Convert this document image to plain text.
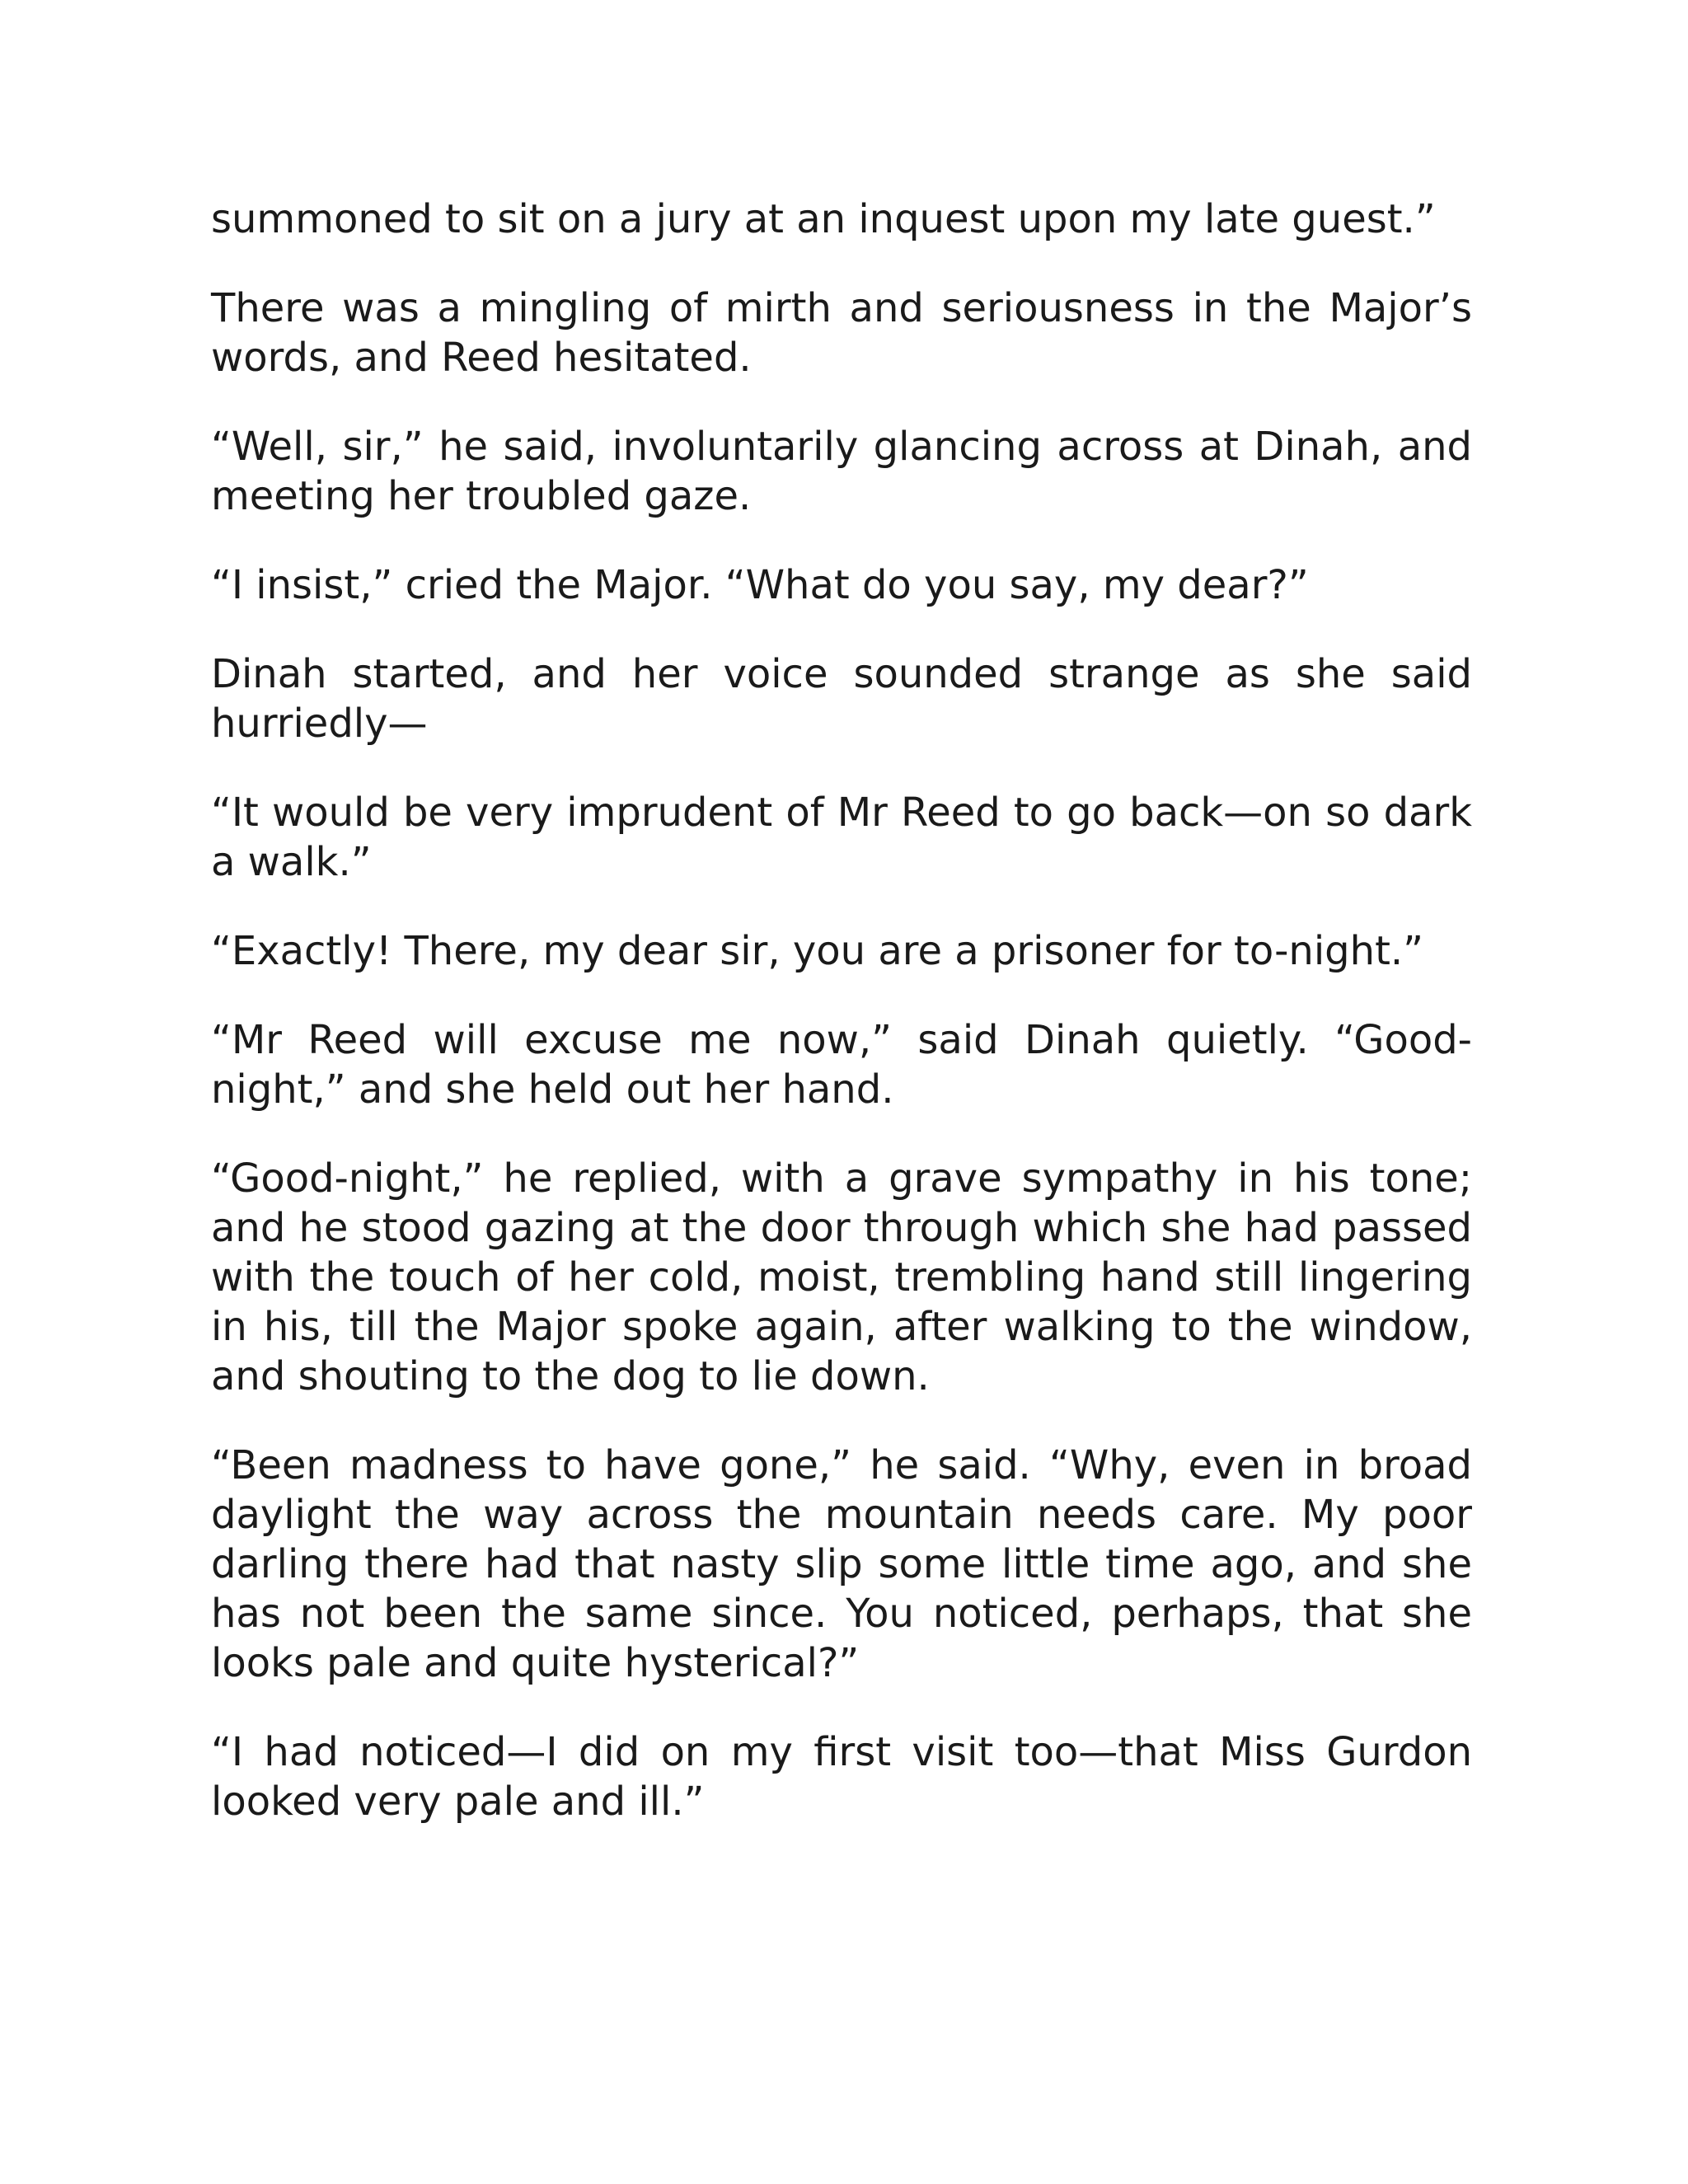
summoned to sit on a jury at an inquest upon my late guest.”

There was a mingling of mirth and seriousness in the Major’s words, and Reed hesitated.

“Well, sir,” he said, involuntarily glancing across at Dinah, and meeting her troubled gaze.

“I insist,” cried the Major. “What do you say, my dear?”

Dinah started, and her voice sounded strange as she said hurriedly—

“It would be very imprudent of Mr Reed to go back—on so dark a walk.”

“Exactly! There, my dear sir, you are a prisoner for to-night.”

“Mr Reed will excuse me now,” said Dinah quietly. “Good-night,” and she held out her hand.

“Good-night,” he replied, with a grave sympathy in his tone; and he stood gazing at the door through which she had passed with the touch of her cold, moist, trembling hand still lingering in his, till the Major spoke again, after walking to the window, and shouting to the dog to lie down.

“Been madness to have gone,” he said. “Why, even in broad daylight the way across the mountain needs care. My poor darling there had that nasty slip some little time ago, and she has not been the same since. You noticed, perhaps, that she looks pale and quite hysterical?”

“I had noticed—I did on my first visit too—that Miss Gurdon looked very pale and ill.”
